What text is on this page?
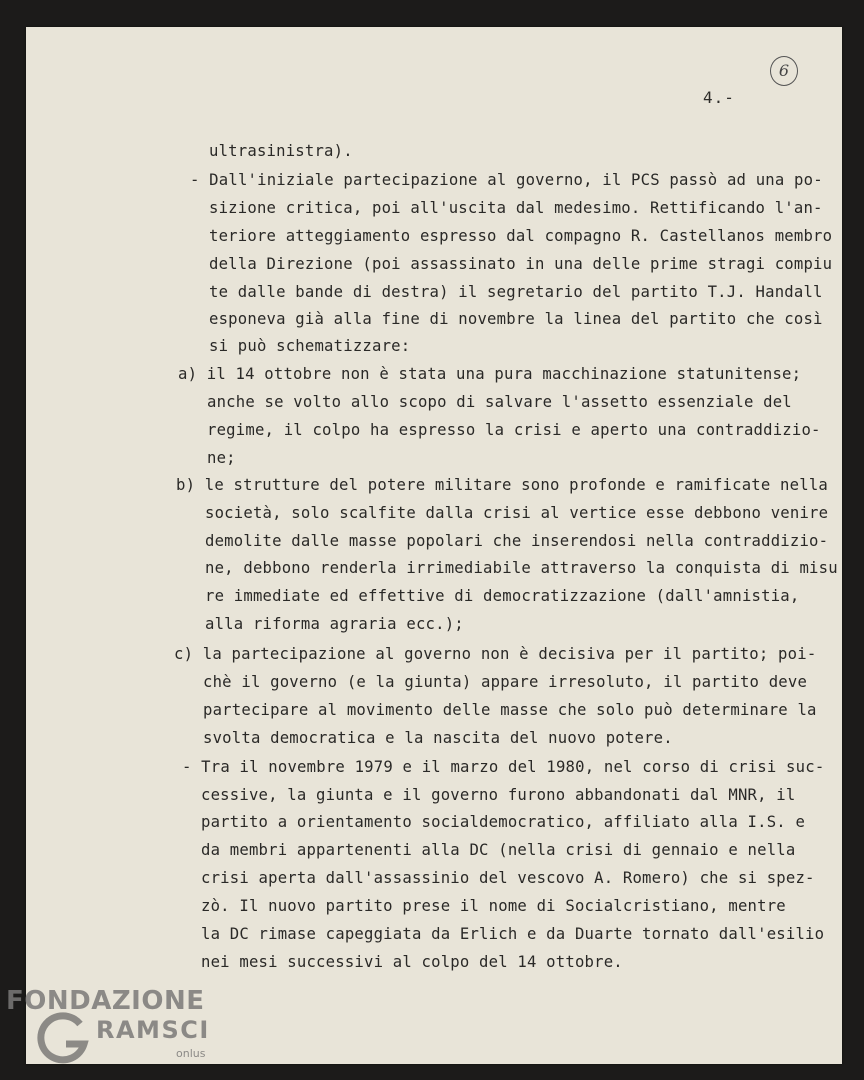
6
4.-
ultrasinistra).
- Dall'iniziale partecipazione al governo, il PCS passò ad una po-
sizione critica, poi all'uscita dal medesimo. Rettificando l'an-
teriore atteggiamento espresso dal compagno R. Castellanos membro
della Direzione (poi assassinato in una delle prime stragi compiu
te dalle bande di destra) il segretario del partito T.J. Handall
esponeva già alla fine di novembre la linea del partito che così
si può schematizzare:
a) il 14 ottobre non è stata una pura macchinazione statunitense;
anche se volto allo scopo di salvare l'assetto essenziale del
regime, il colpo ha espresso la crisi e aperto una contraddizio-
ne;
b) le strutture del potere militare sono profonde e ramificate nella
società, solo scalfite dalla crisi al vertice esse debbono venire
demolite dalle masse popolari che inserendosi nella contraddizio-
ne, debbono renderla irrimediabile attraverso la conquista di misu
re immediate ed effettive di democratizzazione (dall'amnistia,
alla riforma agraria ecc.);
c) la partecipazione al governo non è decisiva per il partito; poi-
chè il governo (e la giunta) appare irresoluto, il partito deve
partecipare al movimento delle masse che solo può determinare la
svolta democratica e la nascita del nuovo potere.
- Tra il novembre 1979 e il marzo del 1980, nel corso di crisi suc-
cessive, la giunta e il governo furono abbandonati dal MNR, il
partito a orientamento socialdemocratico, affiliato alla I.S. e
da membri appartenenti alla DC (nella crisi di gennaio e nella
crisi aperta dall'assassinio del vescovo A. Romero) che si spez-
zò. Il nuovo partito prese il nome di Socialcristiano, mentre
la DC rimase capeggiata da Erlich e da Duarte tornato dall'esilio
nei mesi successivi al colpo del 14 ottobre.
FONDAZIONE
RAMSCI
onlus
